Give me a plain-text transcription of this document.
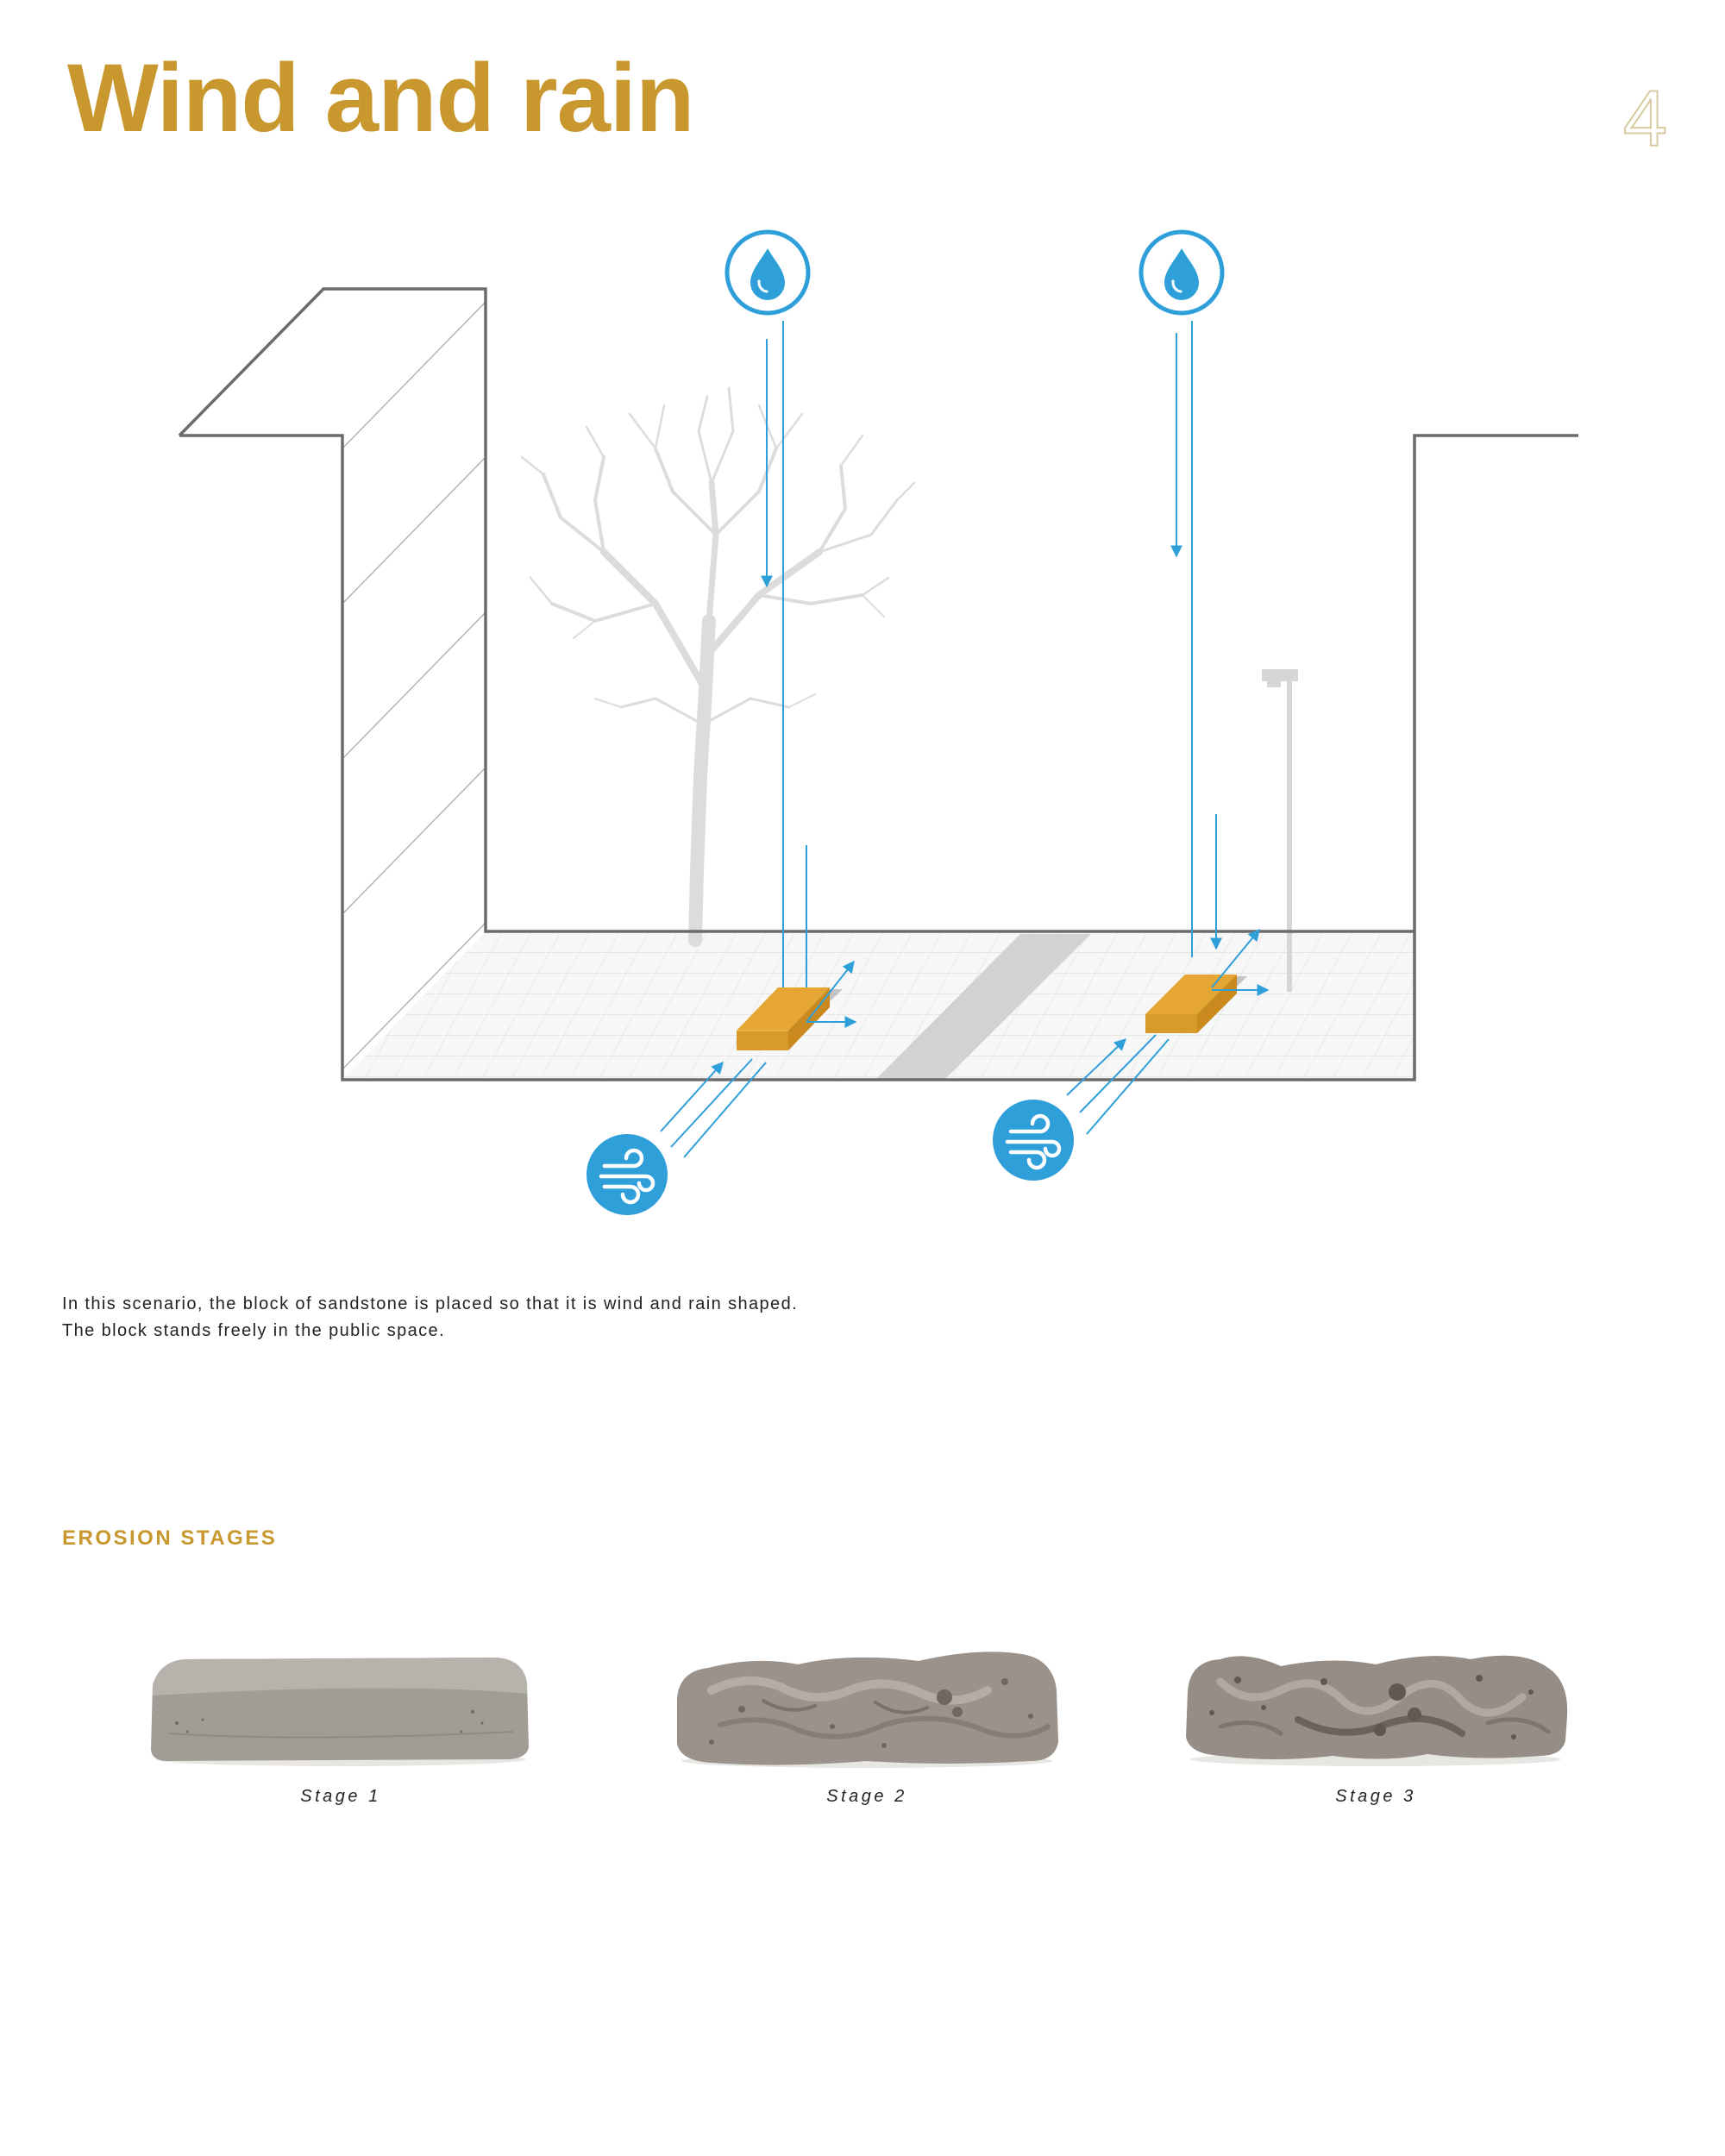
Wind and rain	4

In this scenario, the block of sandstone is placed so that it is wind and rain shaped.
The block stands freely in the public space.

EROSION STAGES
Stage 1	Stage 2	Stage 3
